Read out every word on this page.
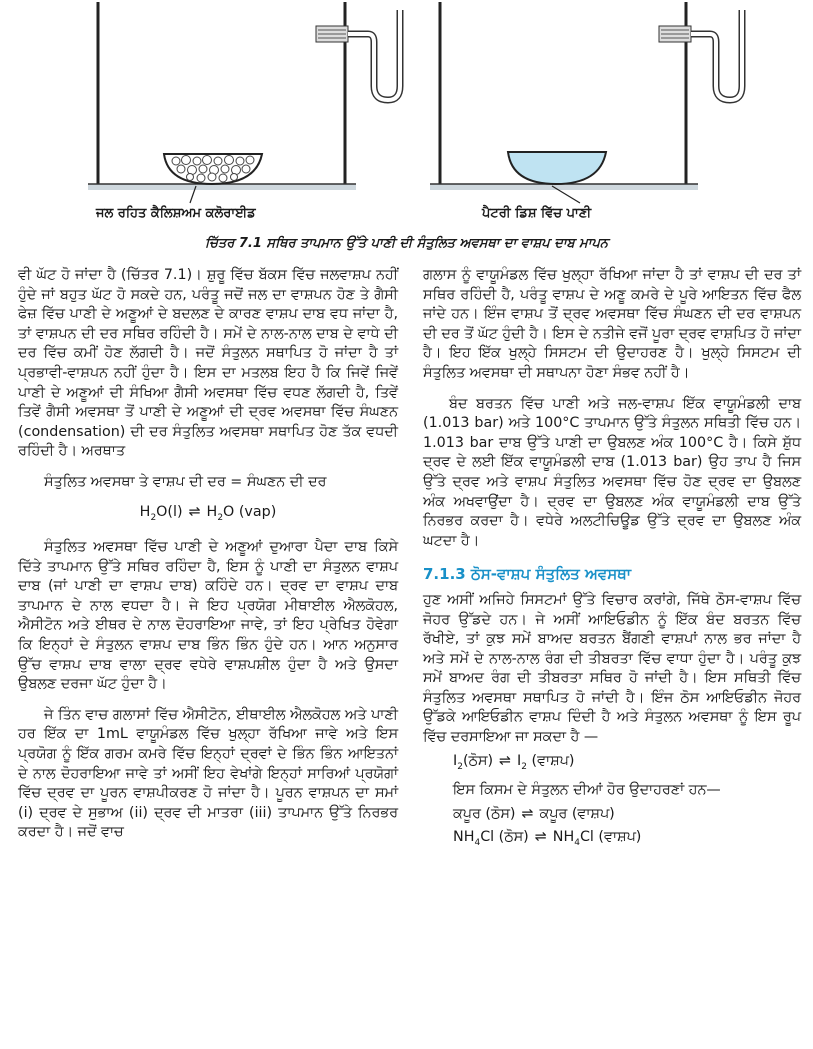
ਜਲ ਰਹਿਤ ਕੈਲਿਸ਼ਅਮ ਕਲੋਰਾਈਡ	ਪੈਟਰੀ ਡਿਸ਼ ਵਿੱਚ ਪਾਣੀ
ਚਿੱਤਰ 7.1 ਸਥਿਰ ਤਾਪਮਾਨ ਉੱਤੇ ਪਾਣੀ ਦੀ ਸੰਤੁਲਿਤ ਅਵਸਥਾ ਦਾ ਵਾਸ਼ਪ ਦਾਬ ਮਾਪਨ

ਵੀ ਘੱਟ ਹੋ ਜਾਂਦਾ ਹੈ (ਚਿੱਤਰ 7.1)। ਸ਼ੁਰੂ ਵਿੱਚ ਬੱਕਸ ਵਿੱਚ ਜਲਵਾਸ਼ਪ ਨਹੀਂ ਹੁੰਦੇ ਜਾਂ ਬਹੁਤ ਘੱਟ ਹੋ ਸਕਦੇ ਹਨ, ਪਰੰਤੂ ਜਦੋਂ ਜਲ ਦਾ ਵਾਸ਼ਪਨ ਹੋਣ ਤੇ ਗੈਸੀ ਫੇਜ਼ ਵਿੱਚ ਪਾਣੀ ਦੇ ਅਣੂਆਂ ਦੇ ਬਦਲਣ ਦੇ ਕਾਰਣ ਵਾਸ਼ਪ ਦਾਬ ਵਧ ਜਾਂਦਾ ਹੈ, ਤਾਂ ਵਾਸ਼ਪਨ ਦੀ ਦਰ ਸਥਿਰ ਰਹਿੰਦੀ ਹੈ। ਸਮੇਂ ਦੇ ਨਾਲ-ਨਾਲ ਦਾਬ ਦੇ ਵਾਧੇ ਦੀ ਦਰ ਵਿੱਚ ਕਮੀਂ ਹੋਣ ਲੱਗਦੀ ਹੈ। ਜਦੋਂ ਸੰਤੁਲਨ ਸਥਾਪਿਤ ਹੋ ਜਾਂਦਾ ਹੈ ਤਾਂ ਪ੍ਰਭਾਵੀ-ਵਾਸ਼ਪਨ ਨਹੀਂ ਹੁੰਦਾ ਹੈ। ਇਸ ਦਾ ਮਤਲਬ ਇਹ ਹੈ ਕਿ ਜਿਵੇਂ ਜਿਵੇਂ ਪਾਣੀ ਦੇ ਅਣੂਆਂ ਦੀ ਸੰਖਿਆ ਗੈਸੀ ਅਵਸਥਾ ਵਿੱਚ ਵਧਣ ਲੱਗਦੀ ਹੈ, ਤਿਵੇਂ ਤਿਵੇਂ ਗੈਸੀ ਅਵਸਥਾ ਤੋਂ ਪਾਣੀ ਦੇ ਅਣੂਆਂ ਦੀ ਦ੍ਰਵ ਅਵਸਥਾ ਵਿੱਚ ਸੰਘਣਨ (condensation) ਦੀ ਦਰ ਸੰਤੁਲਿਤ ਅਵਸਥਾ ਸਥਾਪਿਤ ਹੋਣ ਤੱਕ ਵਧਦੀ ਰਹਿੰਦੀ ਹੈ। ਅਰਥਾਤ

ਸੰਤੁਲਿਤ ਅਵਸਥਾ ਤੇ ਵਾਸ਼ਪ ਦੀ ਦਰ = ਸੰਘਣਨ ਦੀ ਦਰ

$H_2O(l)$ ⇌ $H_2O$ (vap)

ਸੰਤੁਲਿਤ ਅਵਸਥਾ ਵਿੱਚ ਪਾਣੀ ਦੇ ਅਣੂਆਂ ਦੁਆਰਾ ਪੈਦਾ ਦਾਬ ਕਿਸੇ ਦਿੱਤੇ ਤਾਪਮਾਨ ਉੱਤੇ ਸਥਿਰ ਰਹਿੰਦਾ ਹੈ, ਇਸ ਨੂੰ ਪਾਣੀ ਦਾ ਸੰਤੁਲਨ ਵਾਸ਼ਪ ਦਾਬ (ਜਾਂ ਪਾਣੀ ਦਾ ਵਾਸ਼ਪ ਦਾਬ) ਕਹਿੰਦੇ ਹਨ। ਦ੍ਰਵ ਦਾ ਵਾਸ਼ਪ ਦਾਬ ਤਾਪਮਾਨ ਦੇ ਨਾਲ ਵਧਦਾ ਹੈ। ਜੇ ਇਹ ਪ੍ਰਯੋਗ ਮੀਥਾਈਲ ਐਲਕੋਹਲ, ਐਸੀਟੋਨ ਅਤੇ ਈਥਰ ਦੇ ਨਾਲ ਦੋਹਰਾਇਆ ਜਾਵੇ, ਤਾਂ ਇਹ ਪ੍ਰੇਖਿਤ ਹੋਵੇਗਾ ਕਿ ਇਨ੍ਹਾਂ ਦੇ ਸੰਤੁਲਨ ਵਾਸ਼ਪ ਦਾਬ ਭਿੰਨ ਭਿੰਨ ਹੁੰਦੇ ਹਨ। ਆਨ ਅਨੁਸਾਰ ਉੱਚ ਵਾਸ਼ਪ ਦਾਬ ਵਾਲਾ ਦ੍ਰਵ ਵਧੇਰੇ ਵਾਸ਼ਪਸ਼ੀਲ ਹੁੰਦਾ ਹੈ ਅਤੇ ਉਸਦਾ ਉਬਲਣ ਦਰਜਾ ਘੱਟ ਹੁੰਦਾ ਹੈ।

ਜੇ ਤਿੰਨ ਵਾਚ ਗਲਾਸਾਂ ਵਿੱਚ ਐਸੀਟੋਨ, ਈਥਾਈਲ ਐਲਕੋਹਲ ਅਤੇ ਪਾਣੀ ਹਰ ਇੱਕ ਦਾ 1mL ਵਾਯੂਮੰਡਲ ਵਿੱਚ ਖੁਲ੍ਹਾ ਰੱਖਿਆ ਜਾਵੇ ਅਤੇ ਇਸ ਪ੍ਰਯੋਗ ਨੂੰ ਇੱਕ ਗਰਮ ਕਮਰੇ ਵਿੱਚ ਇਨ੍ਹਾਂ ਦ੍ਰਵਾਂ ਦੇ ਭਿੰਨ ਭਿੰਨ ਆਇਤਨਾਂ ਦੇ ਨਾਲ ਦੋਹਰਾਇਆ ਜਾਵੇ ਤਾਂ ਅਸੀਂ ਇਹ ਵੇਖਾਂਗੇ ਇਨ੍ਹਾਂ ਸਾਰਿਆਂ ਪ੍ਰਯੋਗਾਂ ਵਿੱਚ ਦ੍ਰਵ ਦਾ ਪੂਰਨ ਵਾਸ਼ਪੀਕਰਣ ਹੋ ਜਾਂਦਾ ਹੈ। ਪੂਰਨ ਵਾਸ਼ਪਨ ਦਾ ਸਮਾਂ (i) ਦ੍ਰਵ ਦੇ ਸੁਭਾਅ (ii) ਦ੍ਰਵ ਦੀ ਮਾਤਰਾ (iii) ਤਾਪਮਾਨ ਉੱਤੇ ਨਿਰਭਰ ਕਰਦਾ ਹੈ। ਜਦੋਂ ਵਾਚ

ਗਲਾਸ ਨੂੰ ਵਾਯੂਮੰਡਲ ਵਿੱਚ ਖੁਲ੍ਹਾ ਰੱਖਿਆ ਜਾਂਦਾ ਹੈ ਤਾਂ ਵਾਸ਼ਪ ਦੀ ਦਰ ਤਾਂ ਸਥਿਰ ਰਹਿੰਦੀ ਹੈ, ਪਰੰਤੂ ਵਾਸ਼ਪ ਦੇ ਅਣੂ ਕਮਰੇ ਦੇ ਪੂਰੇ ਆਇਤਨ ਵਿੱਚ ਫੈਲ ਜਾਂਦੇ ਹਨ। ਇੰਜ ਵਾਸ਼ਪ ਤੋਂ ਦ੍ਰਵ ਅਵਸਥਾ ਵਿੱਚ ਸੰਘਣਨ ਦੀ ਦਰ ਵਾਸ਼ਪਨ ਦੀ ਦਰ ਤੋਂ ਘੱਟ ਹੁੰਦੀ ਹੈ। ਇਸ ਦੇ ਨਤੀਜੇ ਵਜੋਂ ਪੂਰਾ ਦ੍ਰਵ ਵਾਸ਼ਪਿਤ ਹੋ ਜਾਂਦਾ ਹੈ। ਇਹ ਇੱਕ ਖੁਲ੍ਹੇ ਸਿਸਟਮ ਦੀ ਉਦਾਹਰਣ ਹੈ। ਖੁਲ੍ਹੇ ਸਿਸਟਮ ਦੀ ਸੰਤੁਲਿਤ ਅਵਸਥਾ ਦੀ ਸਥਾਪਨਾ ਹੋਣਾ ਸੰਭਵ ਨਹੀਂ ਹੈ।

ਬੰਦ ਬਰਤਨ ਵਿੱਚ ਪਾਣੀ ਅਤੇ ਜਲ-ਵਾਸ਼ਪ ਇੱਕ ਵਾਯੂਮੰਡਲੀ ਦਾਬ (1.013 bar) ਅਤੇ 100°C ਤਾਪਮਾਨ ਉੱਤੇ ਸੰਤੁਲਨ ਸਥਿਤੀ ਵਿੱਚ ਹਨ। 1.013 bar ਦਾਬ ਉੱਤੇ ਪਾਣੀ ਦਾ ਉਬਲਣ ਅੰਕ 100°C ਹੈ। ਕਿਸੇ ਸ਼ੁੱਧ ਦ੍ਰਵ ਦੇ ਲਈ ਇੱਕ ਵਾਯੂਮੰਡਲੀ ਦਾਬ (1.013 bar) ਉਹ ਤਾਪ ਹੈ ਜਿਸ ਉੱਤੇ ਦ੍ਰਵ ਅਤੇ ਵਾਸ਼ਪ ਸੰਤੁਲਿਤ ਅਵਸਥਾ ਵਿੱਚ ਹੋਣ ਦ੍ਰਵ ਦਾ ਉਬਲਣ ਅੰਕ ਅਖਵਾਉਂਦਾ ਹੈ। ਦ੍ਰਵ ਦਾ ਉਬਲਣ ਅੰਕ ਵਾਯੂਮੰਡਲੀ ਦਾਬ ਉੱਤੇ ਨਿਰਭਰ ਕਰਦਾ ਹੈ। ਵਧੇਰੇ ਅਲਟੀਚਿਊਡ ਉੱਤੇ ਦ੍ਰਵ ਦਾ ਉਬਲਣ ਅੰਕ ਘਟਦਾ ਹੈ।

7.1.3 ਠੋਸ-ਵਾਸ਼ਪ ਸੰਤੁਲਿਤ ਅਵਸਥਾ

ਹੁਣ ਅਸੀਂ ਅਜਿਹੇ ਸਿਸਟਮਾਂ ਉੱਤੇ ਵਿਚਾਰ ਕਰਾਂਗੇ, ਜਿੱਥੇ ਠੋਸ-ਵਾਸ਼ਪ ਵਿੱਚ ਜੋਹਰ ਉੱਡਦੇ ਹਨ। ਜੇ ਅਸੀਂ ਆਇਓਡੀਨ ਨੂੰ ਇੱਕ ਬੰਦ ਬਰਤਨ ਵਿੱਚ ਰੱਖੀਏ, ਤਾਂ ਕੁਝ ਸਮੇਂ ਬਾਅਦ ਬਰਤਨ ਬੈਂਗਣੀ ਵਾਸ਼ਪਾਂ ਨਾਲ ਭਰ ਜਾਂਦਾ ਹੈ ਅਤੇ ਸਮੇਂ ਦੇ ਨਾਲ-ਨਾਲ ਰੰਗ ਦੀ ਤੀਬਰਤਾ ਵਿੱਚ ਵਾਧਾ ਹੁੰਦਾ ਹੈ। ਪਰੰਤੂ ਕੁਝ ਸਮੇਂ ਬਾਅਦ ਰੰਗ ਦੀ ਤੀਬਰਤਾ ਸਥਿਰ ਹੋ ਜਾਂਦੀ ਹੈ। ਇਸ ਸਥਿਤੀ ਵਿੱਚ ਸੰਤੁਲਿਤ ਅਵਸਥਾ ਸਥਾਪਿਤ ਹੋ ਜਾਂਦੀ ਹੈ। ਇੰਜ ਠੋਸ ਆਇਓਡੀਨ ਜੋਹਰ ਉੱਡਕੇ ਆਇਓਡੀਨ ਵਾਸ਼ਪ ਦਿੰਦੀ ਹੈ ਅਤੇ ਸੰਤੁਲਨ ਅਵਸਥਾ ਨੂੰ ਇਸ ਰੂਪ ਵਿੱਚ ਦਰਸਾਇਆ ਜਾ ਸਕਦਾ ਹੈ —

$I_2(ਠੋਸ)$ ⇌ $I_2$ (ਵਾਸ਼ਪ)

ਇਸ ਕਿਸਮ ਦੇ ਸੰਤੁਲਨ ਦੀਆਂ ਹੋਰ ਉਦਾਹਰਣਾਂ ਹਨ—

ਕਪੂਰ (ਠੋਸ) ⇌ ਕਪੂਰ (ਵਾਸ਼ਪ)

$NH_4Cl$ (ਠੋਸ) ⇌ $NH_4Cl$ (ਵਾਸ਼ਪ)
